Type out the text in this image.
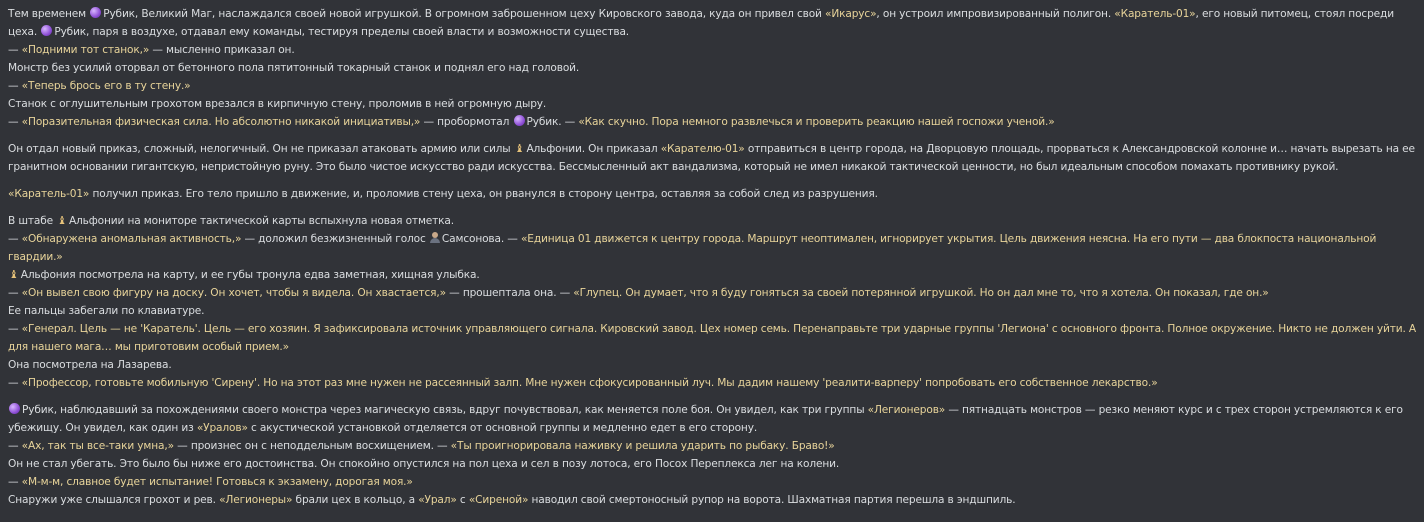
Тем временем Рубик, Великий Маг, наслаждался своей новой игрушкой. В огромном заброшенном цеху Кировского завода, куда он привел свой «Икарус», он устроил импровизированный полигон. «Каратель-01», его новый питомец, стоял посреди цеха. Рубик, паря в воздухе, отдавал ему команды, тестируя пределы своей власти и возможности существа.
— «Подними тот станок,» — мысленно приказал он.
Монстр без усилий оторвал от бетонного пола пятитонный токарный станок и поднял его над головой.
— «Теперь брось его в ту стену.»
Станок с оглушительным грохотом врезался в кирпичную стену, проломив в ней огромную дыру.
— «Поразительная физическая сила. Но абсолютно никакой инициативы,» — пробормотал Рубик. — «Как скучно. Пора немного развлечься и проверить реакцию нашей госпожи ученой.»
Он отдал новый приказ, сложный, нелогичный. Он не приказал атаковать армию или силы ♝ Альфонии. Он приказал «Карателю-01» отправиться в центр города, на Дворцовую площадь, прорваться к Александровской колонне и… начать вырезать на ее гранитном основании гигантскую, непристойную руну. Это было чистое искусство ради искусства. Бессмысленный акт вандализма, который не имел никакой тактической ценности, но был идеальным способом помахать противнику рукой.
«Каратель-01» получил приказ. Его тело пришло в движение, и, проломив стену цеха, он рванулся в сторону центра, оставляя за собой след из разрушения.
В штабе ♝ Альфонии на мониторе тактической карты вспыхнула новая отметка.
— «Обнаружена аномальная активность,» — доложил безжизненный голос Самсонова. — «Единица 01 движется к центру города. Маршрут неоптимален, игнорирует укрытия. Цель движения неясна. На его пути — два блокпоста национальной гвардии.»
♝ Альфония посмотрела на карту, и ее губы тронула едва заметная, хищная улыбка.
— «Он вывел свою фигуру на доску. Он хочет, чтобы я видела. Он хвастается,» — прошептала она. — «Глупец. Он думает, что я буду гоняться за своей потерянной игрушкой. Но он дал мне то, что я хотела. Он показал, где он.»
Ее пальцы забегали по клавиатуре.
— «Генерал. Цель — не 'Каратель'. Цель — его хозяин. Я зафиксировала источник управляющего сигнала. Кировский завод. Цех номер семь. Перенаправьте три ударные группы 'Легиона' с основного фронта. Полное окружение. Никто не должен уйти. А для нашего мага… мы приготовим особый прием.»
Она посмотрела на Лазарева.
— «Профессор, готовьте мобильную 'Сирену'. Но на этот раз мне нужен не рассеянный залп. Мне нужен сфокусированный луч. Мы дадим нашему 'реалити-варперу' попробовать его собственное лекарство.»
Рубик, наблюдавший за похождениями своего монстра через магическую связь, вдруг почувствовал, как меняется поле боя. Он увидел, как три группы «Легионеров» — пятнадцать монстров — резко меняют курс и с трех сторон устремляются к его убежищу. Он увидел, как один из «Уралов» с акустической установкой отделяется от основной группы и медленно едет в его сторону.
— «Ах, так ты все-таки умна,» — произнес он с неподдельным восхищением. — «Ты проигнорировала наживку и решила ударить по рыбаку. Браво!»
Он не стал убегать. Это было бы ниже его достоинства. Он спокойно опустился на пол цеха и сел в позу лотоса, его Посох Переплекса лег на колени.
— «М-м-м, славное будет испытание! Готовься к экзамену, дорогая моя.»
Снаружи уже слышался грохот и рев. «Легионеры» брали цех в кольцо, а «Урал» с «Сиреной» наводил свой смертоносный рупор на ворота. Шахматная партия перешла в эндшпиль.
